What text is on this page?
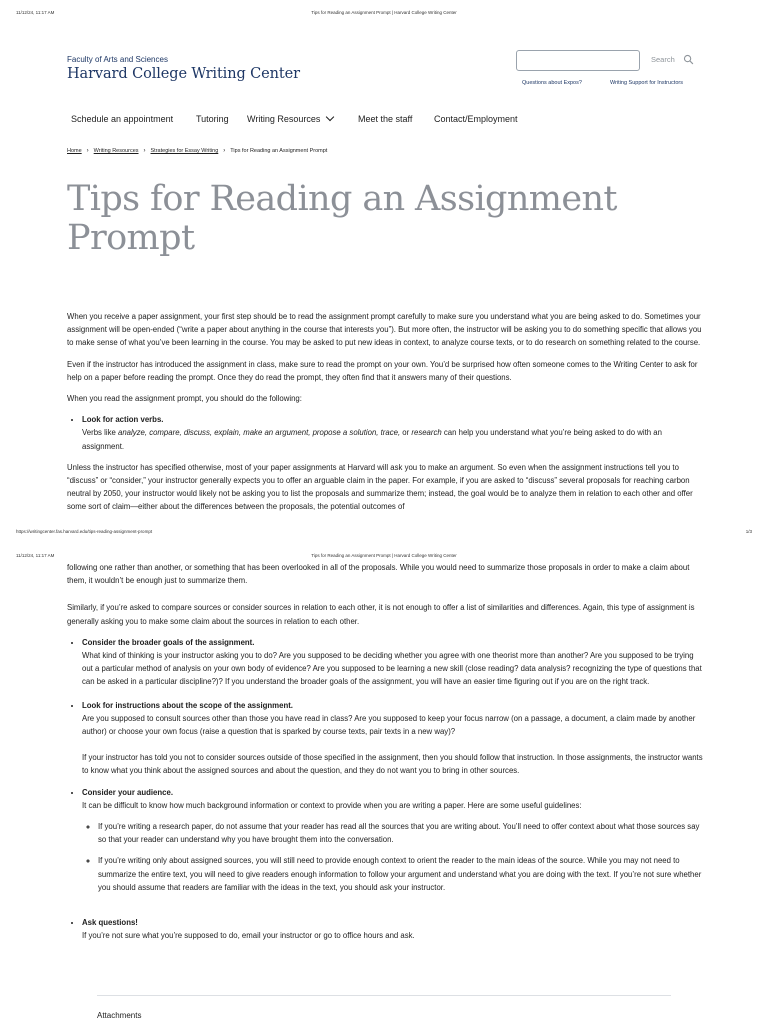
11/12/24, 11:17 AM	Tips for Reading an Assignment Prompt | Harvard College Writing Center
Faculty of Arts and Sciences
Harvard College Writing Center
Search
Questions about Expos?	Writing Support for Instructors
Schedule an appointment	Tutoring Writing Resources	Meet the staff Contact/Employment
Home › Writing Resources › Strategies for Essay Writing › Tips for Reading an Assignment Prompt
Tips for Reading an Assignment Prompt

When you receive a paper assignment, your first step should be to read the assignment prompt carefully to make sure you understand what you are being asked to do. Sometimes your assignment will be open-ended (“write a paper about anything in the course that interests you”). But more often, the instructor will be asking you to do something specific that allows you to make sense of what you’ve been learning in the course. You may be asked to put new ideas in context, to analyze course texts, or to do research on something related to the course.

Even if the instructor has introduced the assignment in class, make sure to read the prompt on your own. You’d be surprised how often someone comes to the Writing Center to ask for help on a paper before reading the prompt. Once they do read the prompt, they often find that it answers many of their questions.

When you read the assignment prompt, you should do the following:

• Look for action verbs.
Verbs like analyze, compare, discuss, explain, make an argument, propose a solution, trace, or research can help you understand what you’re being asked to do with an assignment.

Unless the instructor has specified otherwise, most of your paper assignments at Harvard will ask you to make an argument. So even when the assignment instructions tell you to “discuss” or “consider,” your instructor generally expects you to offer an arguable claim in the paper. For example, if you are asked to “discuss” several proposals for reaching carbon neutral by 2050, your instructor would likely not be asking you to list the proposals and summarize them; instead, the goal would be to analyze them in relation to each other and offer some sort of claim—either about the differences between the proposals, the potential outcomes of

https://writingcenter.fas.harvard.edu/tips-reading-assignment-prompt	1/3
11/12/24, 11:17 AM	Tips for Reading an Assignment Prompt | Harvard College Writing Center

following one rather than another, or something that has been overlooked in all of the proposals. While you would need to summarize those proposals in order to make a claim about them, it wouldn’t be enough just to summarize them.

Similarly, if you’re asked to compare sources or consider sources in relation to each other, it is not enough to offer a list of similarities and differences. Again, this type of assignment is generally asking you to make some claim about the sources in relation to each other.

• Consider the broader goals of the assignment.
What kind of thinking is your instructor asking you to do? Are you supposed to be deciding whether you agree with one theorist more than another? Are you supposed to be trying out a particular method of analysis on your own body of evidence? Are you supposed to be learning a new skill (close reading? data analysis? recognizing the type of questions that can be asked in a particular discipline?)? If you understand the broader goals of the assignment, you will have an easier time figuring out if you are on the right track.
• Look for instructions about the scope of the assignment.
Are you supposed to consult sources other than those you have read in class? Are you supposed to keep your focus narrow (on a passage, a document, a claim made by another author) or choose your own focus (raise a question that is sparked by course texts, pair texts in a new way)?

If your instructor has told you not to consider sources outside of those specified in the assignment, then you should follow that instruction. In those assignments, the instructor wants to know what you think about the assigned sources and about the question, and they do not want you to bring in other sources.

• Consider your audience.
It can be difficult to know how much background information or context to provide when you are writing a paper. Here are some useful guidelines:
◦ If you’re writing a research paper, do not assume that your reader has read all the sources that you are writing about. You’ll need to offer context about what those sources say so that your reader can understand why you have brought them into the conversation.
◦ If you’re writing only about assigned sources, you will still need to provide enough context to orient the reader to the main ideas of the source. While you may not need to summarize the entire text, you will need to give readers enough information to follow your argument and understand what you are doing with the text. If you’re not sure whether you should assume that readers are familiar with the ideas in the text, you should ask your instructor.
• Ask questions!
If you’re not sure what you’re supposed to do, email your instructor or go to office hours and ask.
Attachments
